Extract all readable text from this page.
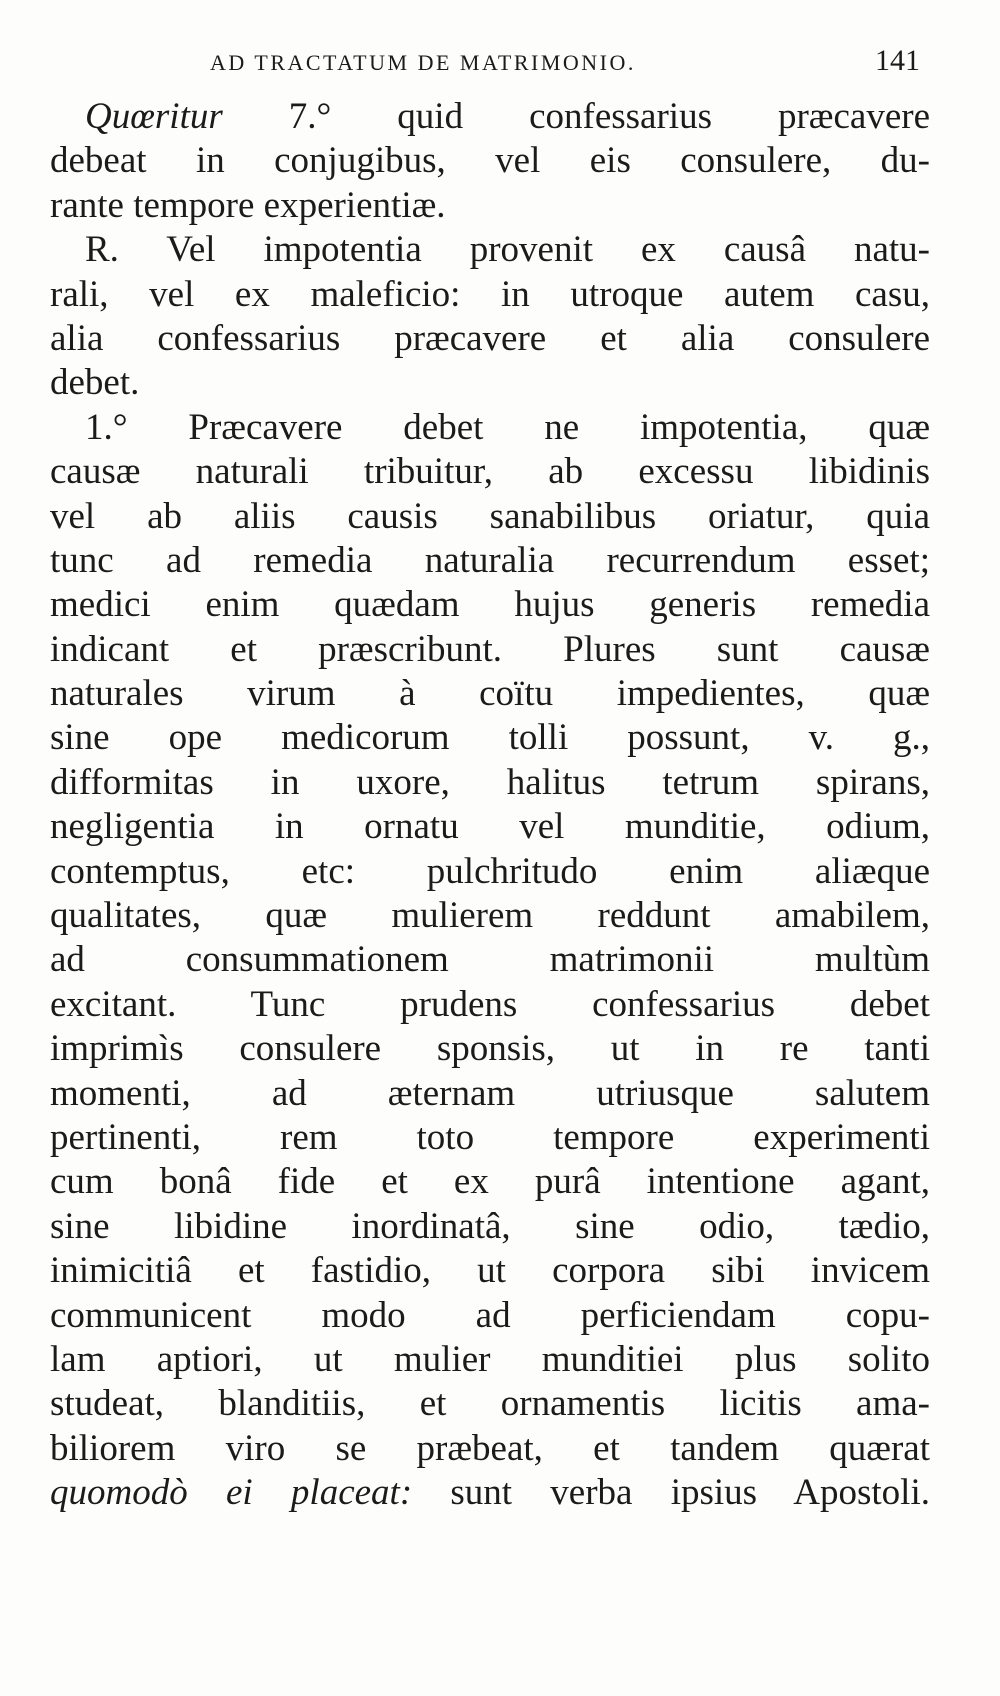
AD TRACTATUM DE MATRIMONIO.	141
Quœritur 7.° quid confessarius præcavere
debeat in conjugibus, vel eis consulere, du-
rante tempore experientiæ.
R. Vel impotentia provenit ex causâ natu-
rali, vel ex maleficio: in utroque autem casu,
alia confessarius præcavere et alia consulere
debet.
1.° Præcavere debet ne impotentia, quæ
causæ naturali tribuitur, ab excessu libidinis
vel ab aliis causis sanabilibus oriatur, quia
tunc ad remedia naturalia recurrendum esset;
medici enim quædam hujus generis remedia
indicant et præscribunt. Plures sunt causæ
naturales virum à coïtu impedientes, quæ
sine ope medicorum tolli possunt, v. g.,
difformitas in uxore, halitus tetrum spirans,
negligentia in ornatu vel munditie, odium,
contemptus, etc: pulchritudo enim aliæque
qualitates, quæ mulierem reddunt amabilem,
ad consummationem matrimonii multùm
excitant. Tunc prudens confessarius debet
imprimìs consulere sponsis, ut in re tanti
momenti, ad æternam utriusque salutem
pertinenti, rem toto tempore experimenti
cum bonâ fide et ex purâ intentione agant,
sine libidine inordinatâ, sine odio, tædio,
inimicitiâ et fastidio, ut corpora sibi invicem
communicent modo ad perficiendam copu-
lam aptiori, ut mulier munditiei plus solito
studeat, blanditiis, et ornamentis licitis ama-
biliorem viro se præbeat, et tandem quærat
quomodò ei placeat: sunt verba ipsius Apostoli.
